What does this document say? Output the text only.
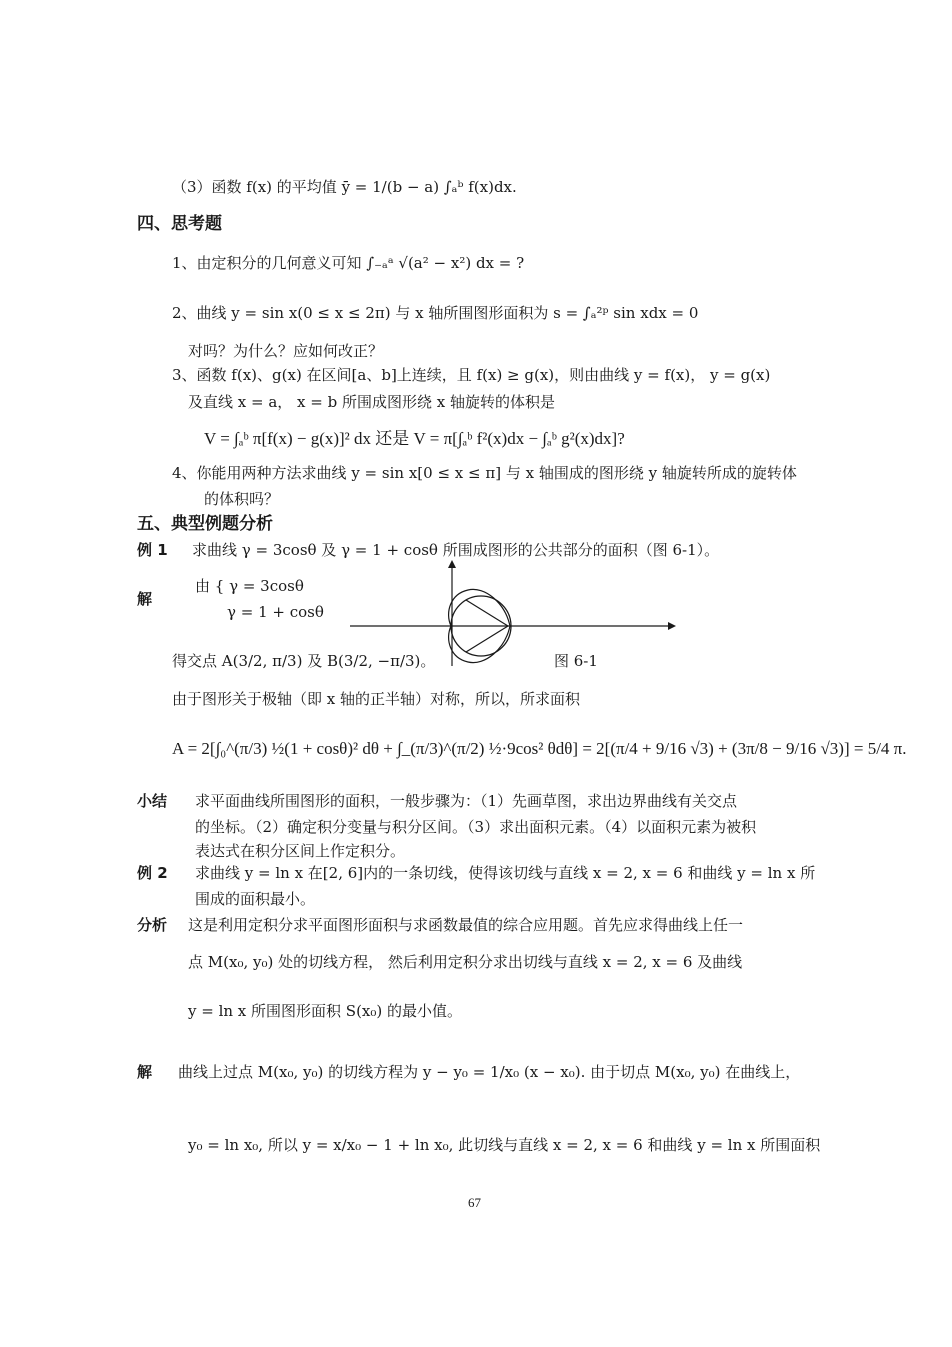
（3）函数 f(x) 的平均值 ȳ = 1/(b − a) ∫ₐᵇ f(x)dx.
四、思考题
1、由定积分的几何意义可知 ∫₋ₐᵃ √(a² − x²) dx = ?
2、曲线 y = sin x(0 ≤ x ≤ 2π) 与 x 轴所围图形面积为 s = ∫ₐ²ᵖ sin xdx = 0
对吗？为什么？应如何改正？
3、函数 f(x)、g(x) 在区间[a、b]上连续，且 f(x) ≥ g(x)，则由曲线 y = f(x)， y = g(x)
及直线 x = a， x = b 所围成图形绕 x 轴旋转的体积是
V = ∫ₐᵇ π[f(x) − g(x)]² dx 还是 V = π[∫ₐᵇ f²(x)dx − ∫ₐᵇ g²(x)dx]?
4、你能用两种方法求曲线 y = sin x[0 ≤ x ≤ π] 与 x 轴围成的图形绕 y 轴旋转所成的旋转体
的体积吗？
五、典型例题分析
例 1 求曲线 γ = 3cosθ 及 γ = 1 + cosθ 所围成图形的公共部分的面积（图 6-1）。
解
由 { γ = 3cosθ
γ = 1 + cosθ
得交点 A(3/2, π/3) 及 B(3/2, −π/3)。	图 6-1
由于图形关于极轴（即 x 轴的正半轴）对称，所以，所求面积
A = 2[∫₀^(π/3) ½(1 + cosθ)² dθ + ∫_(π/3)^(π/2) ½·9cos² θdθ] = 2[(π/4 + 9/16 √3) + (3π/8 − 9/16 √3)] = 5/4 π.
小结 求平面曲线所围图形的面积，一般步骤为：（1）先画草图，求出边界曲线有关交点
的坐标。（2）确定积分变量与积分区间。（3）求出面积元素。（4）以面积元素为被积
表达式在积分区间上作定积分。
例 2 求曲线 y = ln x 在[2, 6]内的一条切线，使得该切线与直线 x = 2, x = 6 和曲线 y = ln x 所
围成的面积最小。
分析 这是利用定积分求平面图形面积与求函数最值的综合应用题。首先应求得曲线上任一
点 M(x₀, y₀) 处的切线方程， 然后利用定积分求出切线与直线 x = 2, x = 6 及曲线
y = ln x 所围图形面积 S(x₀) 的最小值。
解 曲线上过点 M(x₀, y₀) 的切线方程为 y − y₀ = 1/x₀ (x − x₀). 由于切点 M(x₀, y₀) 在曲线上，
y₀ = ln x₀, 所以 y = x/x₀ − 1 + ln x₀, 此切线与直线 x = 2, x = 6 和曲线 y = ln x 所围面积
67
